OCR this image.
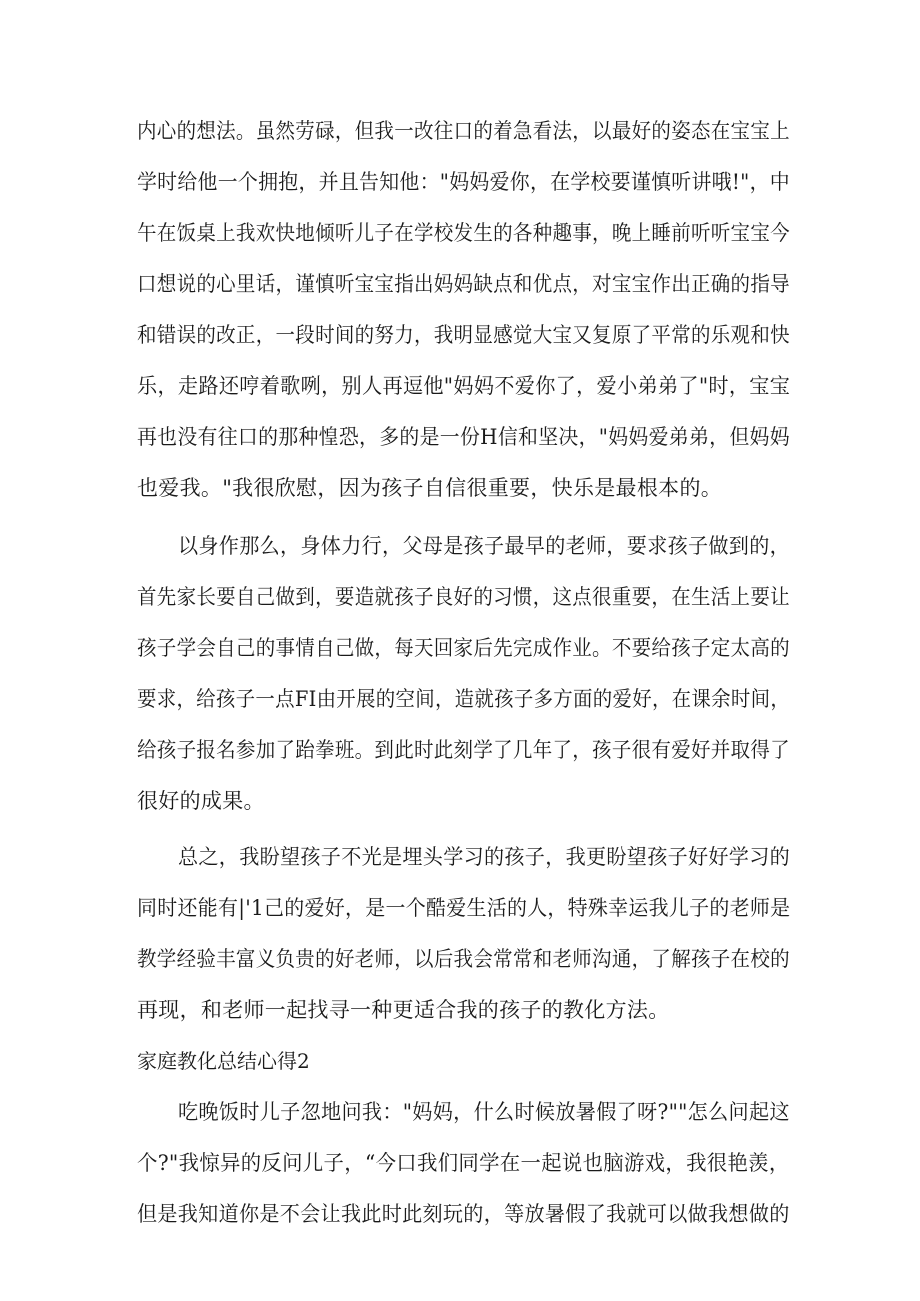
内心的想法。虽然劳碌，但我一改往口的着急看法，以最好的姿态在宝宝上
学时给他一个拥抱，并且告知他："妈妈爱你，在学校要谨慎听讲哦!"，中
午在饭桌上我欢快地倾听儿子在学校发生的各种趣事，晚上睡前听听宝宝今
口想说的心里话，谨慎听宝宝指出妈妈缺点和优点，对宝宝作出正确的指导
和错误的改正，一段时间的努力，我明显感觉大宝又复原了平常的乐观和快
乐，走路还哼着歌咧，别人再逗他"妈妈不爱你了，爱小弟弟了"时，宝宝
再也没有往口的那种惶恐，多的是一份H信和坚决，"妈妈爱弟弟，但妈妈
也爱我。"我很欣慰，因为孩子自信很重要，快乐是最根本的。
以身作那么，身体力行，父母是孩子最早的老师，要求孩子做到的，
首先家长要自己做到，要造就孩子良好的习惯，这点很重要，在生活上要让
孩子学会自己的事情自己做，每天回家后先完成作业。不要给孩子定太高的
要求，给孩子一点FI由开展的空间，造就孩子多方面的爱好，在课余时间，
给孩子报名参加了跆拳班。到此时此刻学了几年了，孩子很有爱好并取得了
很好的成果。
总之，我盼望孩子不光是埋头学习的孩子，我更盼望孩子好好学习的
同时还能有|'1己的爱好，是一个酷爱生活的人，特殊幸运我儿子的老师是
教学经验丰富义负贵的好老师，以后我会常常和老师沟通，了解孩子在校的
再现，和老师一起找寻一种更适合我的孩子的教化方法。
家庭教化总结心得2
吃晚饭时儿子忽地问我："妈妈，什么时候放暑假了呀?""怎么问起这
个?"我惊异的反问儿子，“今口我们同学在一起说也脑游戏，我很艳羡，
但是我知道你是不会让我此时此刻玩的，等放暑假了我就可以做我想做的
